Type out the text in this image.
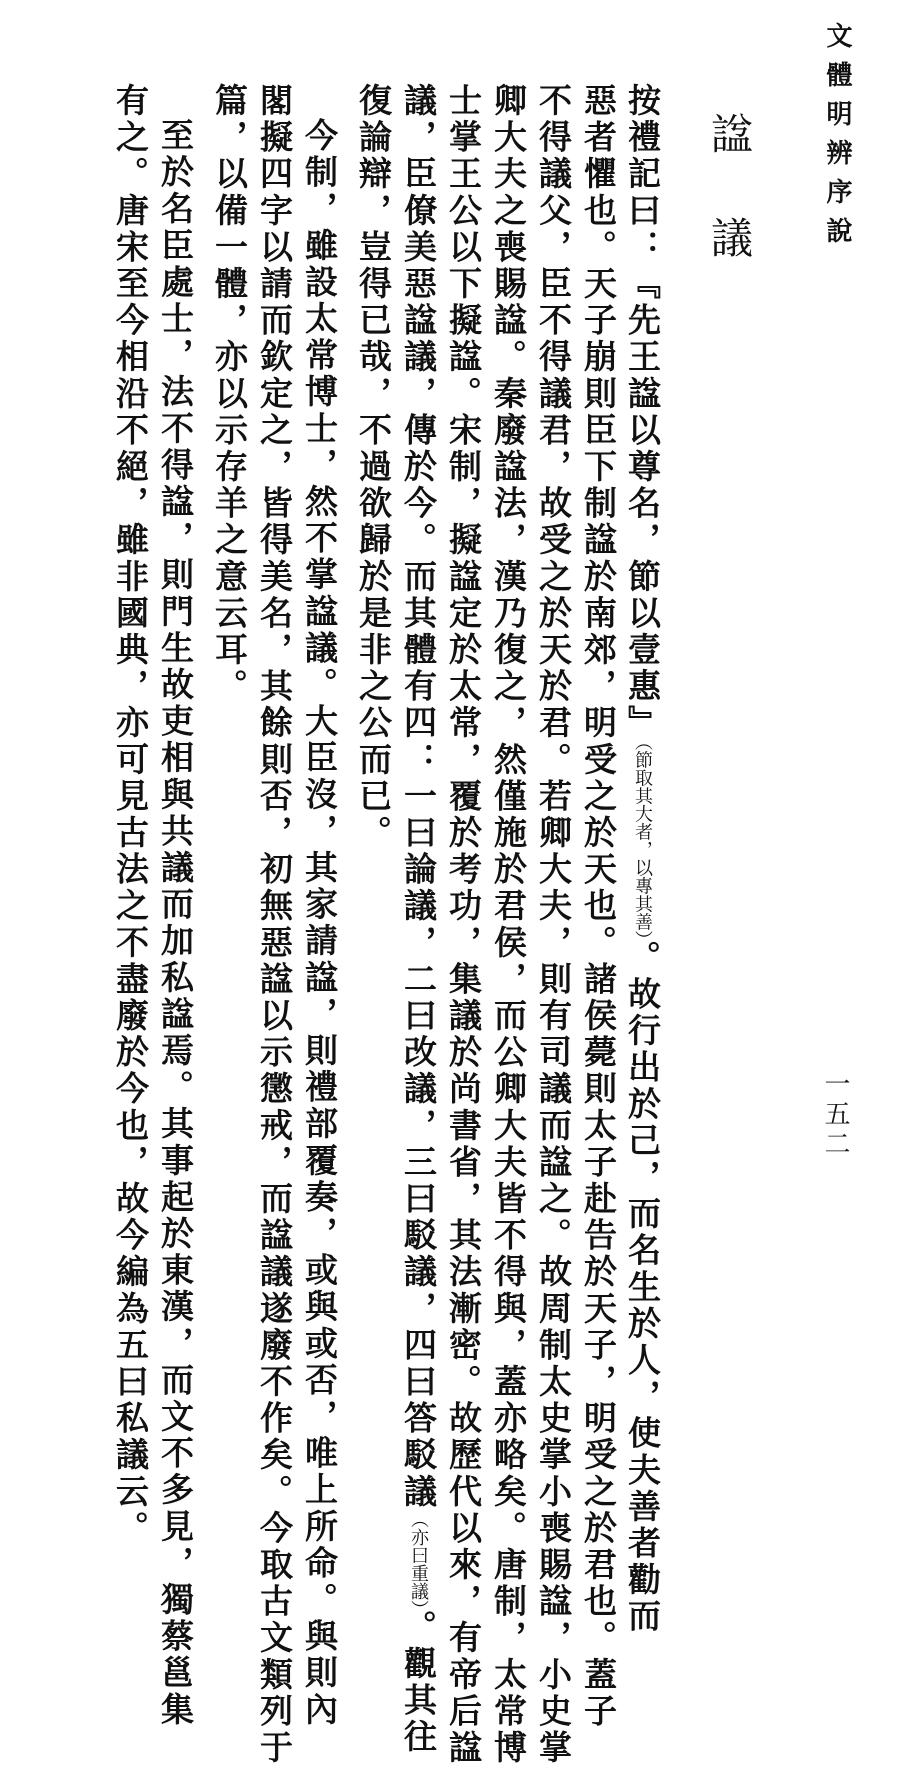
文體明辨序說
一五二
諡議
按禮記曰：『先王諡以尊名，節以壹惠』（節取其大者，以專其善）。故行出於己，而名生於人，使夫善者勸而
惡者懼也。天子崩則臣下制諡於南郊，明受之於天也。諸侯薨則太子赴告於天子，明受之於君也。蓋子
不得議父，臣不得議君，故受之於天於君。若卿大夫，則有司議而諡之。故周制太史掌小喪賜諡，小史掌
卿大夫之喪賜諡。秦廢諡法，漢乃復之，然僅施於君侯，而公卿大夫皆不得與，蓋亦略矣。唐制，太常博
士掌王公以下擬諡。宋制，擬諡定於太常，覆於考功，集議於尚書省，其法漸密。故歷代以來，有帝后諡
議，臣僚美惡諡議，傳於今。而其體有四：一曰論議，二曰改議，三曰駁議，四曰答駁議（亦曰重議）。觀其往
復論辯，豈得已哉，不過欲歸於是非之公而已。
今制，雖設太常博士，然不掌諡議。大臣沒，其家請諡，則禮部覆奏，或與或否，唯上所命。與則內
閣擬四字以請而欽定之，皆得美名，其餘則否，初無惡諡以示懲戒，而諡議遂廢不作矣。今取古文類列于
篇，以備一體，亦以示存羊之意云耳。
至於名臣處士，法不得諡，則門生故吏相與共議而加私諡焉。其事起於東漢，而文不多見，獨蔡邕集
有之。唐宋至今相沿不絕，雖非國典，亦可見古法之不盡廢於今也，故今編為五曰私議云。
